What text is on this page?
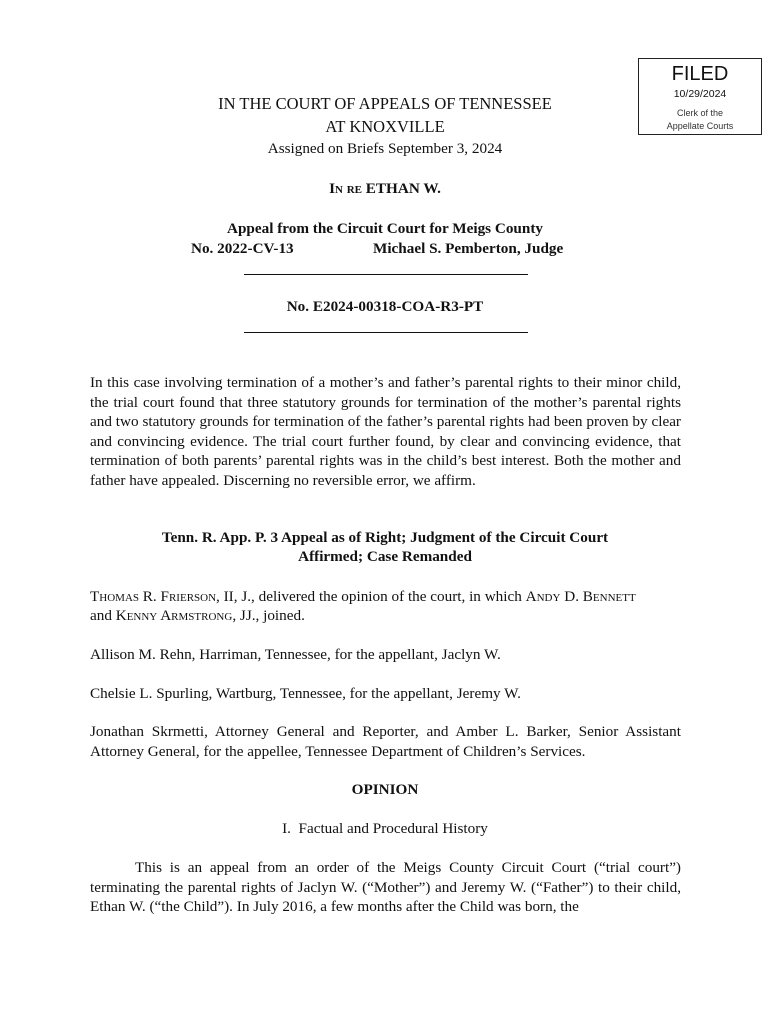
FILED
10/29/2024
Clerk of the
Appellate Courts
IN THE COURT OF APPEALS OF TENNESSEE
AT KNOXVILLE
Assigned on Briefs September 3, 2024
In re ETHAN W.
Appeal from the Circuit Court for Meigs County
No. 2022-CV-13	Michael S. Pemberton, Judge
No. E2024-00318-COA-R3-PT

In this case involving termination of a mother’s and father’s parental rights to their minor child, the trial court found that three statutory grounds for termination of the mother’s parental rights and two statutory grounds for termination of the father’s parental rights had been proven by clear and convincing evidence. The trial court further found, by clear and convincing evidence, that termination of both parents’ parental rights was in the child’s best interest. Both the mother and father have appealed. Discerning no reversible error, we affirm.

Tenn. R. App. P. 3 Appeal as of Right; Judgment of the Circuit Court
Affirmed; Case Remanded
Thomas R. Frierson, II, J., delivered the opinion of the court, in which Andy D. Bennett
and Kenny Armstrong, JJ., joined.
Allison M. Rehn, Harriman, Tennessee, for the appellant, Jaclyn W.
Chelsie L. Spurling, Wartburg, Tennessee, for the appellant, Jeremy W.

Jonathan Skrmetti, Attorney General and Reporter, and Amber L. Barker, Senior Assistant Attorney General, for the appellee, Tennessee Department of Children’s Services.

OPINION
I.  Factual and Procedural History

This is an appeal from an order of the Meigs County Circuit Court (“trial court”) terminating the parental rights of Jaclyn W. (“Mother”) and Jeremy W. (“Father”) to their child, Ethan W. (“the Child”). In July 2016, a few months after the Child was born, the
